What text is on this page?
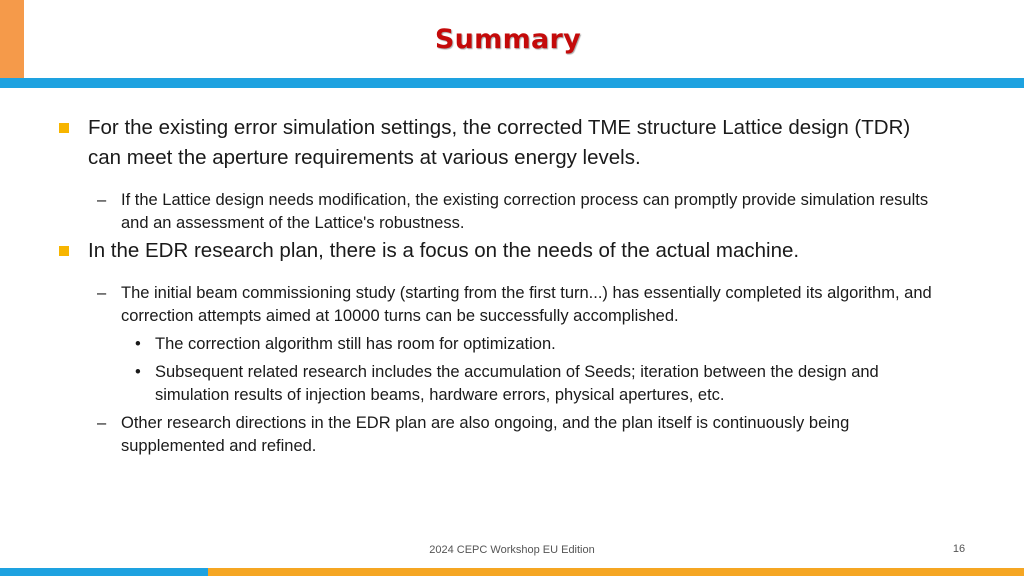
Summary
For the existing error simulation settings, the corrected TME structure Lattice design (TDR) can meet the aperture requirements at various energy levels.
– If the Lattice design needs modification, the existing correction process can promptly provide simulation results and an assessment of the Lattice's robustness.
In the EDR research plan, there is a focus on the needs of the actual machine.
– The initial beam commissioning study (starting from the first turn...) has essentially completed its algorithm, and correction attempts aimed at 10000 turns can be successfully accomplished.
• The correction algorithm still has room for optimization.
• Subsequent related research includes the accumulation of Seeds; iteration between the design and simulation results of injection beams, hardware errors, physical apertures, etc.
– Other research directions in the EDR plan are also ongoing, and the plan itself is continuously being supplemented and refined.
2024 CEPC Workshop EU Edition	16
